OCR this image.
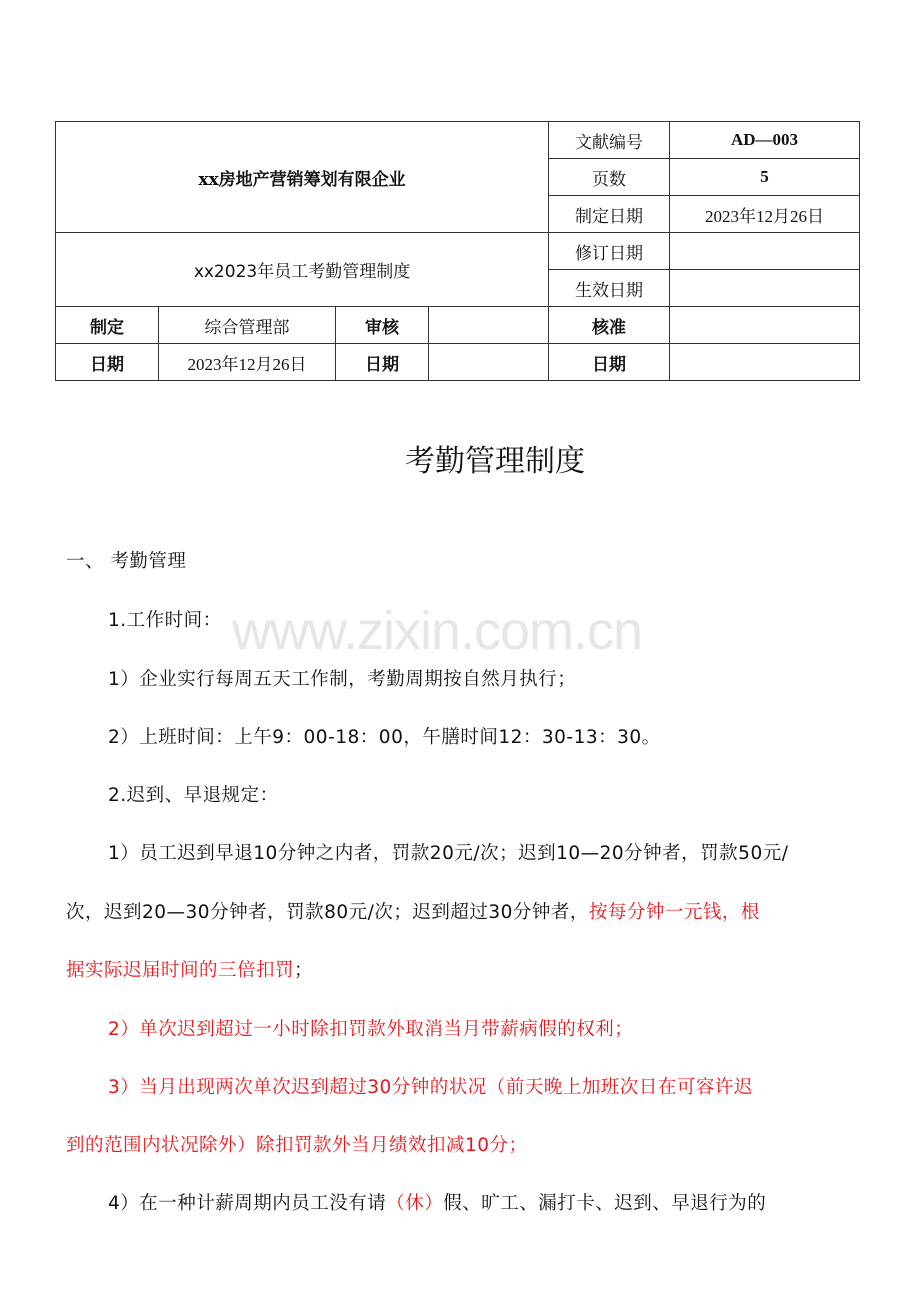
xx房地产营销筹划有限企业				文献编号	AD—003
				页数	5
				制定日期	2023年12月26日
xx2023年员工考勤管理制度				修订日期	
				生效日期	
制定	综合管理部	审核		核准	
日期	2023年12月26日	日期		日期	
考勤管理制度
www.zixin.com.cn
一、 考勤管理
1.工作时间：
1）企业实行每周五天工作制，考勤周期按自然月执行；
2）上班时间：上午9：00-18：00，午膳时间12：30-13：30。
2.迟到、早退规定：
1）员工迟到早退10分钟之内者，罚款20元/次；迟到10—20分钟者，罚款50元/
次，迟到20—30分钟者，罚款80元/次；迟到超过30分钟者，按每分钟一元钱，根
据实际迟届时间的三倍扣罚；
2）单次迟到超过一小时除扣罚款外取消当月带薪病假的权利；
3）当月出现两次单次迟到超过30分钟的状况（前天晚上加班次日在可容许迟
到的范围内状况除外）除扣罚款外当月绩效扣减10分；
4）在一种计薪周期内员工没有请（休）假、旷工、漏打卡、迟到、早退行为的
